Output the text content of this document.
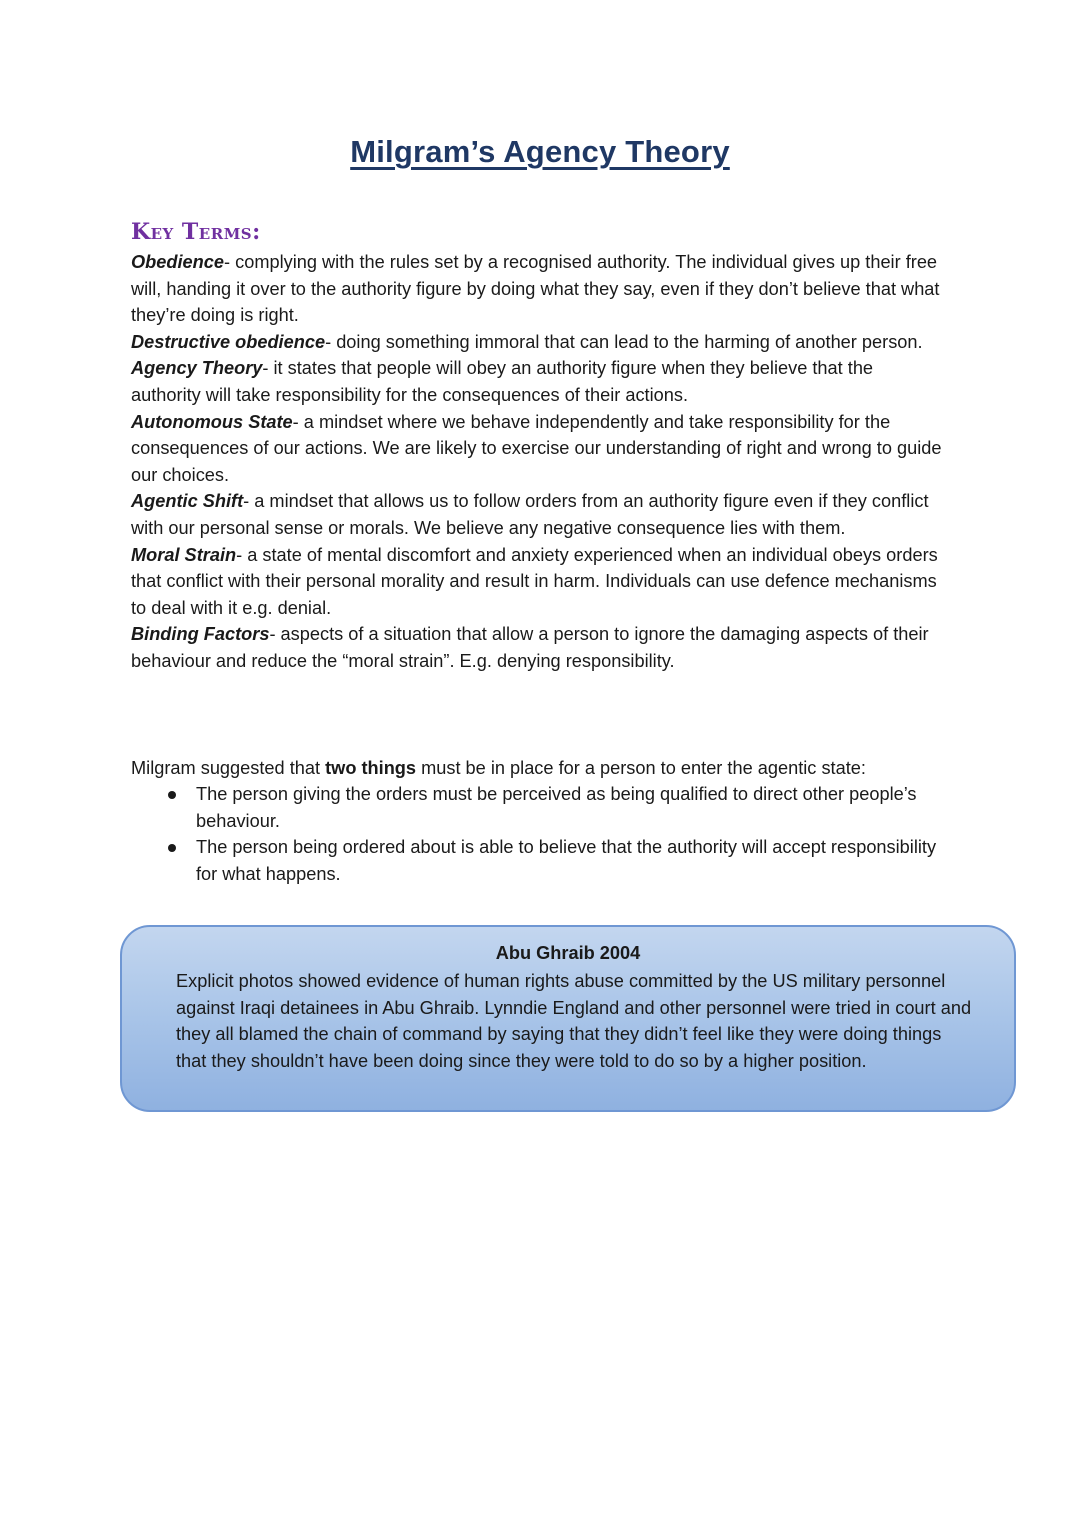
Milgram’s Agency Theory
Key Terms:

Obedience- complying with the rules set by a recognised authority. The individual gives up their free will, handing it over to the authority figure by doing what they say, even if they don’t believe that what they’re doing is right.

Destructive obedience- doing something immoral that can lead to the harming of another person.

Agency Theory- it states that people will obey an authority figure when they believe that the authority will take responsibility for the consequences of their actions.

Autonomous State- a mindset where we behave independently and take responsibility for the consequences of our actions. We are likely to exercise our understanding of right and wrong to guide our choices.

Agentic Shift- a mindset that allows us to follow orders from an authority figure even if they conflict with our personal sense or morals. We believe any negative consequence lies with them.

Moral Strain- a state of mental discomfort and anxiety experienced when an individual obeys orders that conflict with their personal morality and result in harm. Individuals can use defence mechanisms to deal with it e.g. denial.

Binding Factors- aspects of a situation that allow a person to ignore the damaging aspects of their behaviour and reduce the “moral strain”. E.g. denying responsibility.

Milgram suggested that two things must be in place for a person to enter the agentic state:
The person giving the orders must be perceived as being qualified to direct other people’s behaviour.
The person being ordered about is able to believe that the authority will accept responsibility for what happens.
Abu Ghraib 2004

Explicit photos showed evidence of human rights abuse committed by the US military personnel against Iraqi detainees in Abu Ghraib. Lynndie England and other personnel were tried in court and they all blamed the chain of command by saying that they didn’t feel like they were doing things that they shouldn’t have been doing since they were told to do so by a higher position.
